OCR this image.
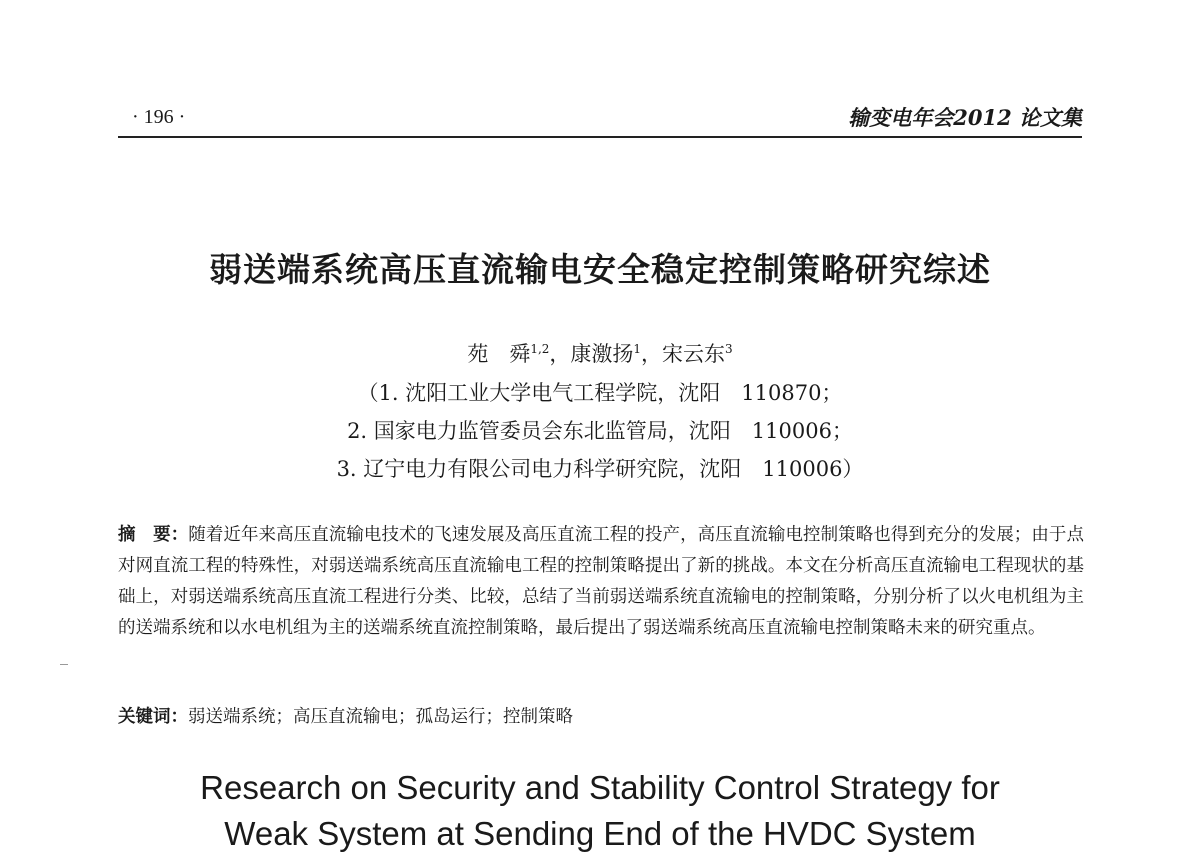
· 196 ·	输变电年会2012 论文集
弱送端系统高压直流输电安全稳定控制策略研究综述
苑　舜$^{1,2}$，康激扬$^1$，宋云东$^3$
（1. 沈阳工业大学电气工程学院，沈阳　110870；
2. 国家电力监管委员会东北监管局，沈阳　110006；
3. 辽宁电力有限公司电力科学研究院，沈阳　110006）
摘　要：随着近年来高压直流输电技术的飞速发展及高压直流工程的投产，高压直流输电控制策略也得到充分的发展；由于点对网直流工程的特殊性，对弱送端系统高压直流输电工程的控制策略提出了新的挑战。本文在分析高压直流输电工程现状的基础上，对弱送端系统高压直流工程进行分类、比较，总结了当前弱送端系统直流输电的控制策略，分别分析了以火电机组为主的送端系统和以水电机组为主的送端系统直流控制策略，最后提出了弱送端系统高压直流输电控制策略未来的研究重点。
关键词：弱送端系统；高压直流输电；孤岛运行；控制策略
Research on Security and Stability Control Strategy for
Weak System at Sending End of the HVDC System
